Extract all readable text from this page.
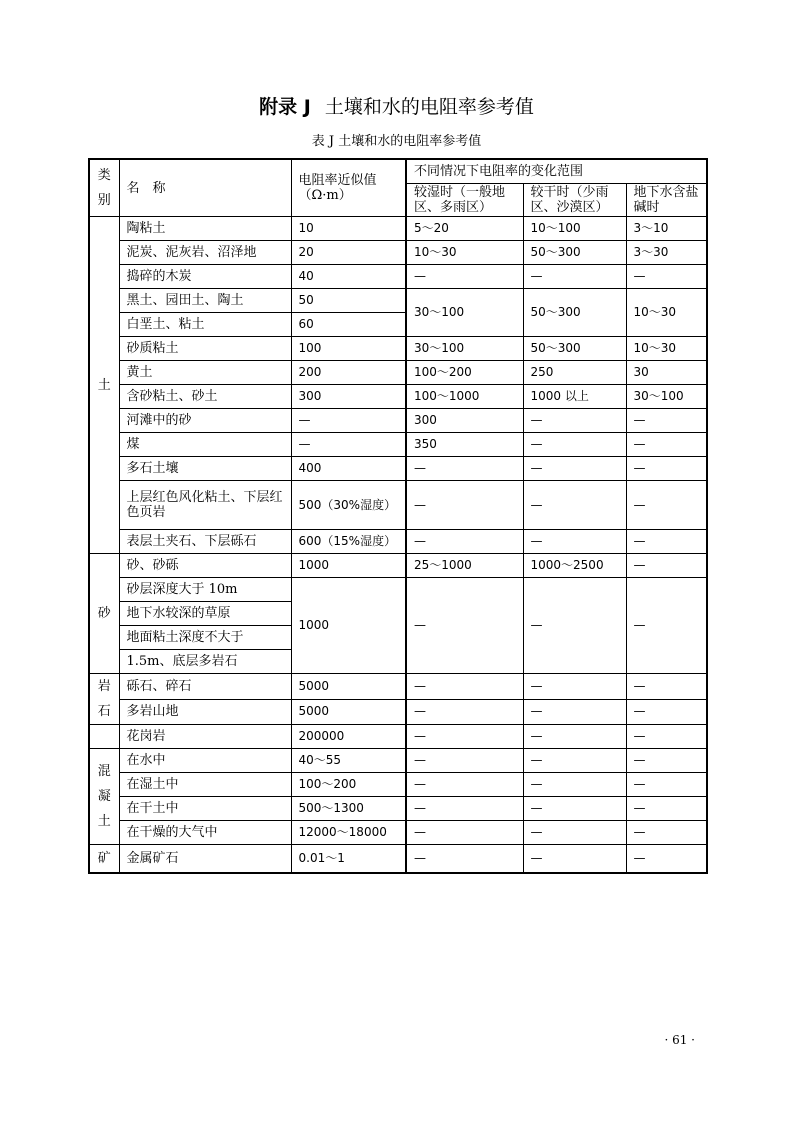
附录 J 土壤和水的电阻率参考值
表 J 土壤和水的电阻率参考值
类
别	名　称	电阻率近似值（Ω·m）	不同情况下电阻率的变化范围		
			较湿时（一般地区、多雨区）	较干时（少雨区、沙漠区）	地下水含盐碱时

土	陶粘土	10	5～20	10～100	3～10
	泥炭、泥灰岩、沼泽地	20	10～30	50～300	3～30
	捣碎的木炭	40	—	—	—
	黑土、园田土、陶土	50	30～100	50～300	10～30
	白垩土、粘土	60			
	砂质粘土	100	30～100	50～300	10～30
	黄土	200	100～200	250	30
	含砂粘土、砂土	300	100～1000	1000 以上	30～100
	河滩中的砂	—	300	—	—
	煤	—	350	—	—
	多石土壤	400	—	—	—
	上层红色风化粘土、下层红色页岩	500（30%湿度）	—	—	—
	表层土夹石、下层砾石	600（15%湿度）	—	—	—
砂	砂、砂砾	1000	25～1000	1000～2500	—
	砂层深度大于 10m	1000	—	—	—
	地下水较深的草原				
	地面粘土深度不大于				
	1.5m、底层多岩石				

岩
石	砾石、碎石	5000	—	—	—
	多岩山地	5000	—	—	—
	花岗岩	200000	—	—	—

混
凝
土	在水中	40～55	—	—	—
	在湿土中	100～200	—	—	—
	在干土中	500～1300	—	—	—
	在干燥的大气中	12000～18000	—	—	—
矿	金属矿石	0.01～1	—	—	—
· 61 ·
